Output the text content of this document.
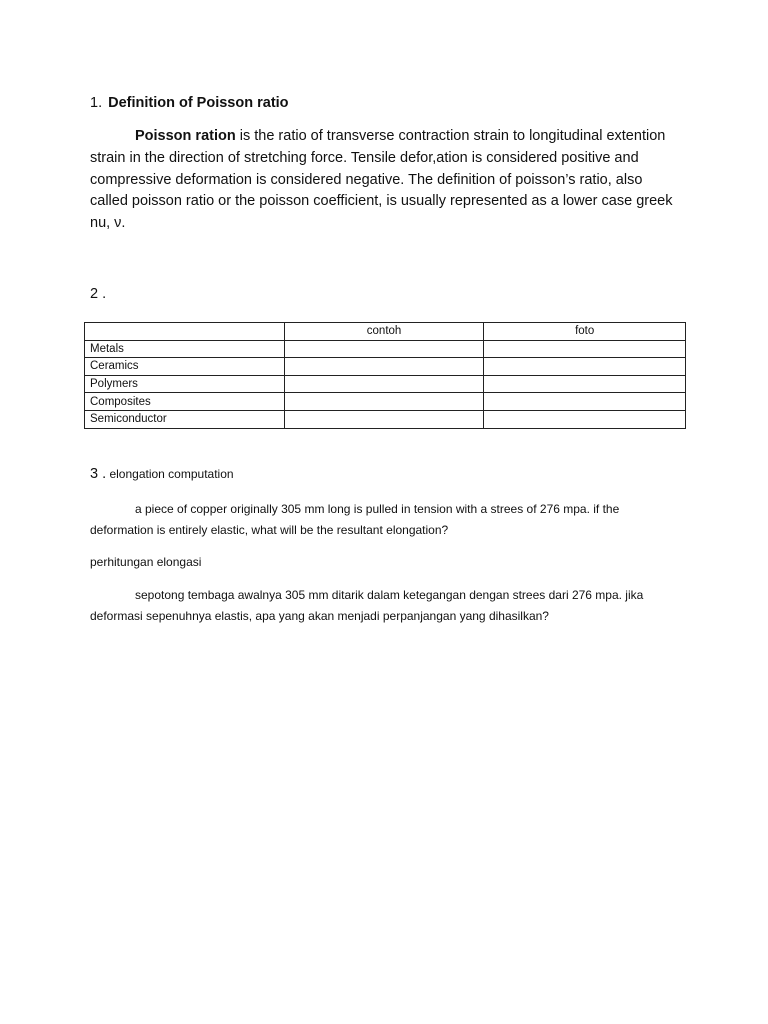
1. Definition of Poisson ratio
Poisson ration is the ratio of transverse contraction strain to longitudinal extention strain in the direction of stretching force. Tensile defor,ation is considered positive and compressive deformation is considered negative. The definition of poisson’s ratio, also called poisson ratio or the poisson coefficient, is usually represented as a lower case greek nu, ν.
2 .
	contoh	foto
Metals		
Ceramics		
Polymers		
Composites		
Semiconductor		
3 . elongation computation
a piece of copper originally 305 mm long is pulled in tension with a strees of 276 mpa. if the deformation is entirely elastic, what will be the resultant elongation?
perhitungan elongasi
sepotong tembaga awalnya 305 mm ditarik dalam ketegangan dengan strees dari 276 mpa. jika deformasi sepenuhnya elastis, apa yang akan menjadi perpanjangan yang dihasilkan?
